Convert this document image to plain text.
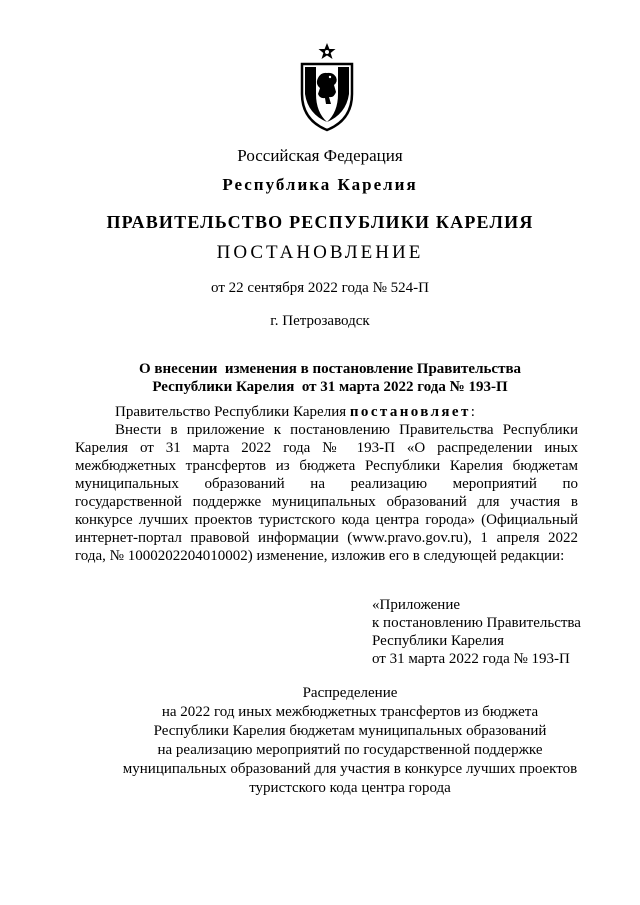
Российская Федерация
Республика Карелия
ПРАВИТЕЛЬСТВО РЕСПУБЛИКИ КАРЕЛИЯ
ПОСТАНОВЛЕНИЕ
от 22 сентября 2022 года № 524-П
г. Петрозаводск
О внесении  изменения в постановление Правительства
Республики Карелия  от 31 марта 2022 года № 193-П

Правительство Республики Карелия постановляет:

Внести в приложение к постановлению Правительства Республики Карелия от 31 марта 2022 года № 193-П «О распределении иных межбюджетных трансфертов из бюджета Республики Карелия бюджетам муниципальных образований на реализацию мероприятий по государственной поддержке муниципальных образований для участия в конкурсе лучших проектов туристского кода центра города» (Официальный интернет-портал правовой информации (www.pravo.gov.ru), 1 апреля 2022 года, № 1000202204010002) изменение, изложив его в следующей редакции:

«Приложение
к постановлению Правительства
Республики Карелия
от 31 марта 2022 года № 193-П
Распределение
на 2022 год иных межбюджетных трансфертов из бюджета
Республики Карелия бюджетам муниципальных образований
на реализацию мероприятий по государственной поддержке
муниципальных образований для участия в конкурсе лучших проектов
туристского кода центра города
